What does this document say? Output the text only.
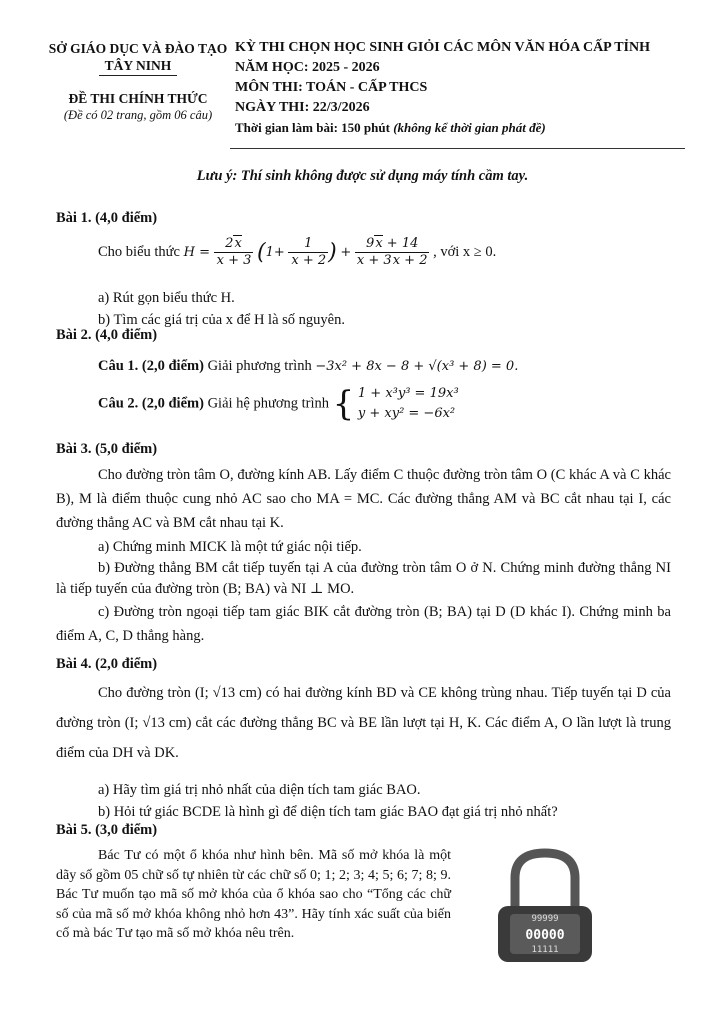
SỞ GIÁO DỤC VÀ ĐÀO TẠO
TÂY NINH
ĐỀ THI CHÍNH THỨC
(Đề có 02 trang, gồm 06 câu)
KỲ THI CHỌN HỌC SINH GIỎI CÁC MÔN VĂN HÓA CẤP TỈNH
NĂM HỌC: 2025 - 2026
MÔN THI: TOÁN - CẤP THCS
NGÀY THI: 22/3/2026
Thời gian làm bài: 150 phút (không kể thời gian phát đề)
Lưu ý: Thí sinh không được sử dụng máy tính cầm tay.
Bài 1. (4,0 điểm)
Cho biểu thức $H = \frac{2x}{x + 3} (1+ \frac{1}{x + 2}$ ) + $\frac{9x + 14}{x + 3x + 2}$ , với x ≥ 0.
a) Rút gọn biểu thức H.
b) Tìm các giá trị của x để H là số nguyên.
Bài 2. (4,0 điểm)
Câu 1. (2,0 điểm) Giải phương trình −3x² + 8x − 8 + √(x³ + 8) = 0.
Câu 2. (2,0 điểm) Giải hệ phương trình { 1 + x³y³ = 19x³
y + xy² = −6x²
Bài 3. (5,0 điểm)
Cho đường tròn tâm O, đường kính AB. Lấy điểm C thuộc đường tròn tâm O (C khác A và C khác B), M là điểm thuộc cung nhỏ AC sao cho MA = MC. Các đường thẳng AM và BC cắt nhau tại I, các đường thẳng AC và BM cắt nhau tại K.
a) Chứng minh MICK là một tứ giác nội tiếp.
b) Đường thẳng BM cắt tiếp tuyến tại A của đường tròn tâm O ở N. Chứng minh đường thẳng NI là tiếp tuyến của đường tròn (B; BA) và NI ⊥ MO.
c) Đường tròn ngoại tiếp tam giác BIK cắt đường tròn (B; BA) tại D (D khác I). Chứng minh ba điểm A, C, D thẳng hàng.
Bài 4. (2,0 điểm)
Cho đường tròn (I; √13 cm) có hai đường kính BD và CE không trùng nhau. Tiếp tuyến tại D của đường tròn (I; √13 cm) cắt các đường thẳng BC và BE lần lượt tại H, K. Các điểm A, O lần lượt là trung điểm của DH và DK.
a) Hãy tìm giá trị nhỏ nhất của diện tích tam giác BAO.
b) Hỏi tứ giác BCDE là hình gì để diện tích tam giác BAO đạt giá trị nhỏ nhất?
Bài 5. (3,0 điểm)
Bác Tư có một ổ khóa như hình bên. Mã số mở khóa là một dãy số gồm 05 chữ số tự nhiên từ các chữ số 0; 1; 2; 3; 4; 5; 6; 7; 8; 9. Bác Tư muốn tạo mã số mở khóa của ổ khóa sao cho “Tổng các chữ số của mã số mở khóa không nhỏ hơn 43”. Hãy tính xác suất của biến cố mà bác Tư tạo mã số mở khóa nêu trên.
99999
00000
11111
